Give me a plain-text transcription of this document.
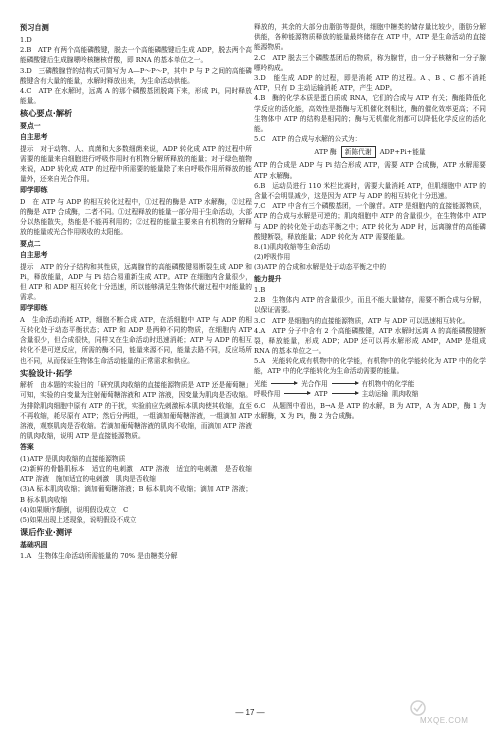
预习自测

1.D

2.B　ATP 有两个高能磷酸键，脱去一个高能磷酸键后生成 ADP，脱去两个高能磷酸键后生成腺嘌呤核糖核苷酸，即 RNA 的基本单位之一。

3.D　三磷酸腺苷的结构式可简写为 A—P～P～P，其中 P 与 P 之间的高能磷酸键含有大量的能量，水解时释放出来，为生命活动供能。

4.C　ATP 在水解时，远离 A 的那个磷酸基团脱离下来，形成 Pi，同时释放能量。

核心要点·解析
要点一
自主思考

提示　对于动物、人、真菌和大多数细菌来说，ADP 转化成 ATP 的过程中所需要的能量来自细胞进行呼吸作用时有机物分解所释放的能量；对于绿色植物来说，ADP 转化成 ATP 的过程中所需要的能量除了来自呼吸作用所释放的能量外，还来自光合作用。

即学即练

D　在 ATP 与 ADP 的相互转化过程中，①过程的酶是 ATP 水解酶，②过程的酶是 ATP 合成酶，二者不同。①过程释放的能量一部分用于生命活动，大部分以热能散失，热能是不能再利用的；②过程的能量主要来自有机物的分解释放的能量或光合作用吸收的太阳能。

要点二
自主思考

提示　ATP 的分子结构和其性质，远离腺苷的高能磷酸键易断裂生成 ADP 和 Pi，释放能量，ADP 与 Pi 结合易重新生成 ATP。ATP 在细胞内含量很少，但 ATP 和 ADP 相互转化十分迅速，所以能够满足生物体代谢过程中对能量的需求。

即学即练

A　生命活动消耗 ATP，细胞不断合成 ATP，在活细胞中 ATP 与 ADP 的相互转化处于动态平衡状态；ATP 和 ADP 是两种不同的物质，在细胞内 ATP 含量很少，但合成很快，同样又在生命活动时迅速消耗；ATP 与 ADP 的相互转化不是可逆反应，所需的酶不同，能量来源不同，能量去路不同，反应场所也不同，从而保证生物体生命活动能量的正常需求和供应。

实验设计·拓学

解析　由本题的实验目的「研究肌肉收缩的直接能源物质是 ATP 还是葡萄糖」可知，实验的自变量为注射葡萄糖溶液和 ATP 溶液，因变量为肌肉是否收缩。为排除肌肉细胞中原有 ATP 的干扰，实验前应先刺激标本肌肉使其收缩，直至不再收缩，耗尽原有 ATP；然后分两组，一组滴加葡萄糖溶液，一组滴加 ATP 溶液，观察肌肉是否收缩。若滴加葡萄糖溶液的肌肉不收缩，而滴加 ATP 溶液的肌肉收缩，说明 ATP 是直接能源物质。

答案

(1)ATP 是肌肉收缩的直接能源物质

(2)新鲜的骨骼肌标本　适宜的电刺激　ATP 溶液　适宜的电刺激　是否收缩　ATP 溶液　施加适宜的电刺激　肌肉是否收缩

(3)A 标本肌肉收缩；滴加葡萄糖溶液；B 标本肌肉不收缩；滴加 ATP 溶液；B 标本肌肉收缩

(4)如果顺序颠倒，说明假设成立　C

(5)如果出现上述现象，说明假设不成立

课后作业·测评
基础巩固

1.A　生物体生命活动所需能量的 70% 是由糖类分解

释放的，其余的大部分由脂肪等提供，细胞中糖类的储存量比较少，脂肪分解供能，各种能源物质释放的能量最终储存在 ATP 中，ATP 是生命活动的直接能源物质。

2.C　ATP 脱去三个磷酸基团后的物质，称为腺苷，由一分子核糖和一分子腺嘌呤构成。

3.D　能生成 ADP 的过程，即是消耗 ATP 的过程。A 、B 、C 都不消耗 ATP，只有 D 主动运输消耗 ATP，产生 ADP。

4.B　酶的化学本质是蛋白质或 RNA，它们的合成与 ATP 有关；酶能降低化学反应的活化能，高效性是指酶与无机催化剂相比，酶的催化效率更高；不同生物体中 ATP 的结构是相同的；酶与无机催化剂都可以降低化学反应的活化能。

5.C　ATP 的合成与水解的公式为：

ATP 酶 新陈代谢 ADP+Pi+能量

ATP 的合成是 ADP 与 Pi 结合形成 ATP，需要 ATP 合成酶，ATP 水解需要 ATP 水解酶。

6.B　运动员进行 110 米栏比赛时，需要大量消耗 ATP，但肌细胞中 ATP 的含量不会明显减少，这是因为 ATP 与 ADP 的相互转化十分迅速。

7.C　ATP 中含有三个磷酸基团，一个腺苷。ATP 是细胞内的直接能源物质，ATP 的合成与水解是可逆的；肌肉细胞中 ATP 的含量很少，在生物体中 ATP 与 ADP 的转化处于动态平衡之中；ATP 转化为 ADP 时，远离腺苷的高能磷酸键断裂，释放能量；ADP 转化为 ATP 需要能量。

8.(1)肌肉收缩等生命活动

(2)呼吸作用

(3)ATP 的合成和水解是处于动态平衡之中的

能力提升

1.B

2.B　生物体内 ATP 的含量很少，而且不能大量储存，需要不断合成与分解，以保证需要。

3.C　ATP 是细胞内的直接能源物质，ATP 与 ADP 可以迅速相互转化。

4.A　ATP 分子中含有 2 个高能磷酸键，ATP 水解时远离 A 的高能磷酸键断裂，释放能量，形成 ADP；ADP 还可以再水解形成 AMP，AMP 是组成 RNA 的基本单位之一。

5.A　光能转化成有机物中的化学能，有机物中的化学能转化为 ATP 中的化学能，ATP 中的化学能转化为生命活动需要的能量。

光能	光合作用	有机物中的化学能
呼吸作用	ATP	主动运输 肌肉收缩

6.C　从题图中看出，B→A 是 ATP 的水解，B 为 ATP，A 为 ADP，酶 1 为水解酶，X 为 Pi，酶 2 为合成酶。

— 17 —
MXQE.COM
